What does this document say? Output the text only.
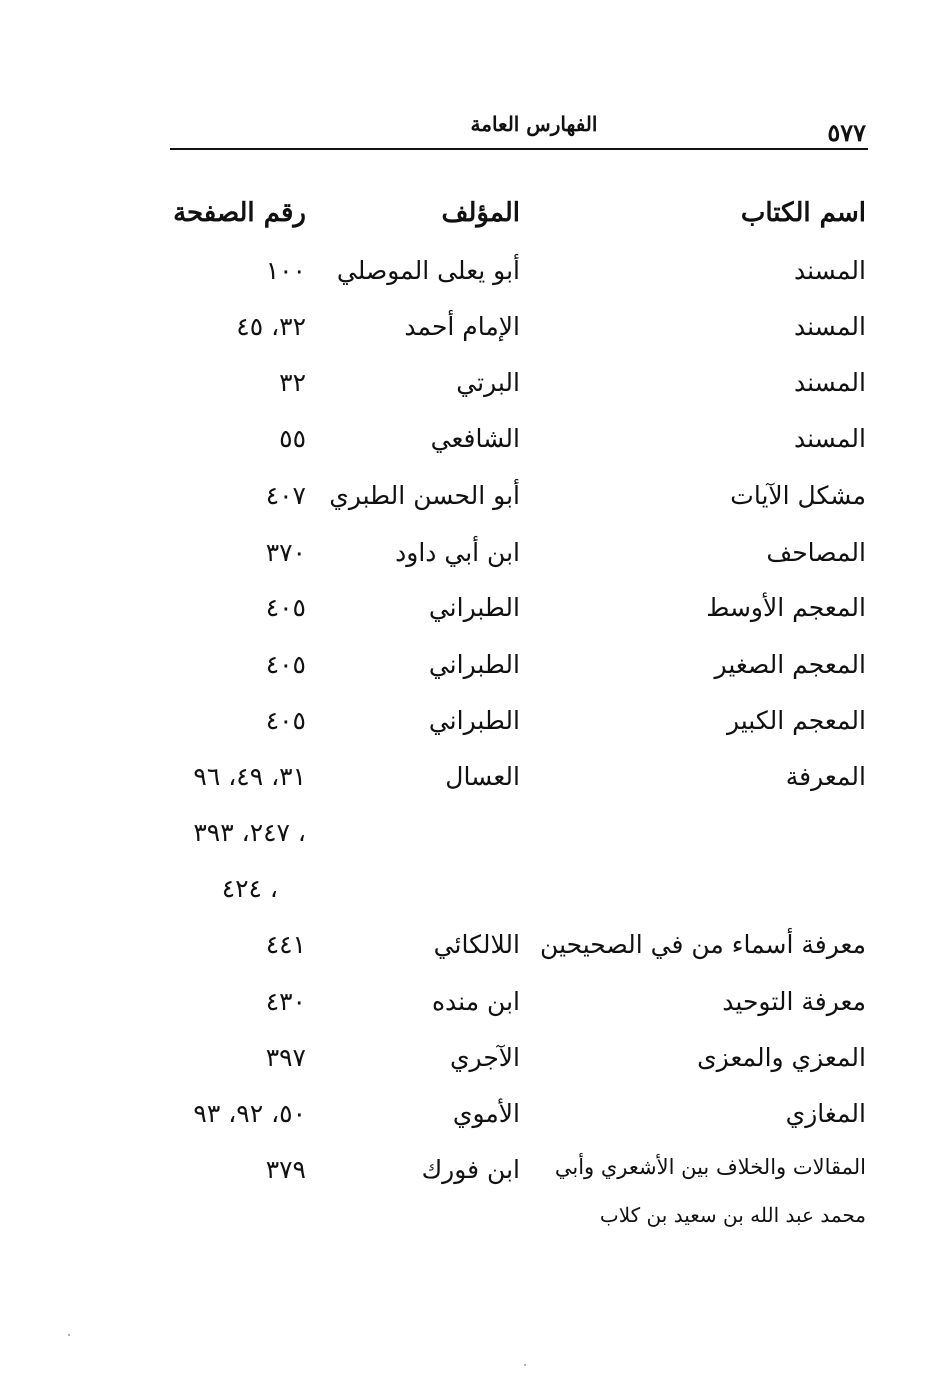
٥٧٧
الفهارس العامة
اسم الكتاب
المؤلف
رقم الصفحة
المسند
أبو يعلى الموصلي
١٠٠
المسند
الإمام أحمد
٣٢، ٤٥
المسند
البرتي
٣٢
المسند
الشافعي
٥٥
مشكل الآيات
أبو الحسن الطبري
٤٠٧
المصاحف
ابن أبي داود
٣٧٠
المعجم الأوسط
الطبراني
٤٠٥
المعجم الصغير
الطبراني
٤٠٥
المعجم الكبير
الطبراني
٤٠٥
المعرفة
العسال
٣١، ٤٩، ٩٦
، ٢٤٧، ٣٩٣
، ٤٢٤
معرفة أسماء من في الصحيحين
اللالكائي
٤٤١
معرفة التوحيد
ابن منده
٤٣٠
المعزي والمعزى
الآجري
٣٩٧
المغازي
الأموي
٥٠، ٩٢، ٩٣
المقالات والخلاف بين الأشعري وأبي
محمد عبد الله بن سعيد بن كلاب
ابن فورك
٣٧٩
